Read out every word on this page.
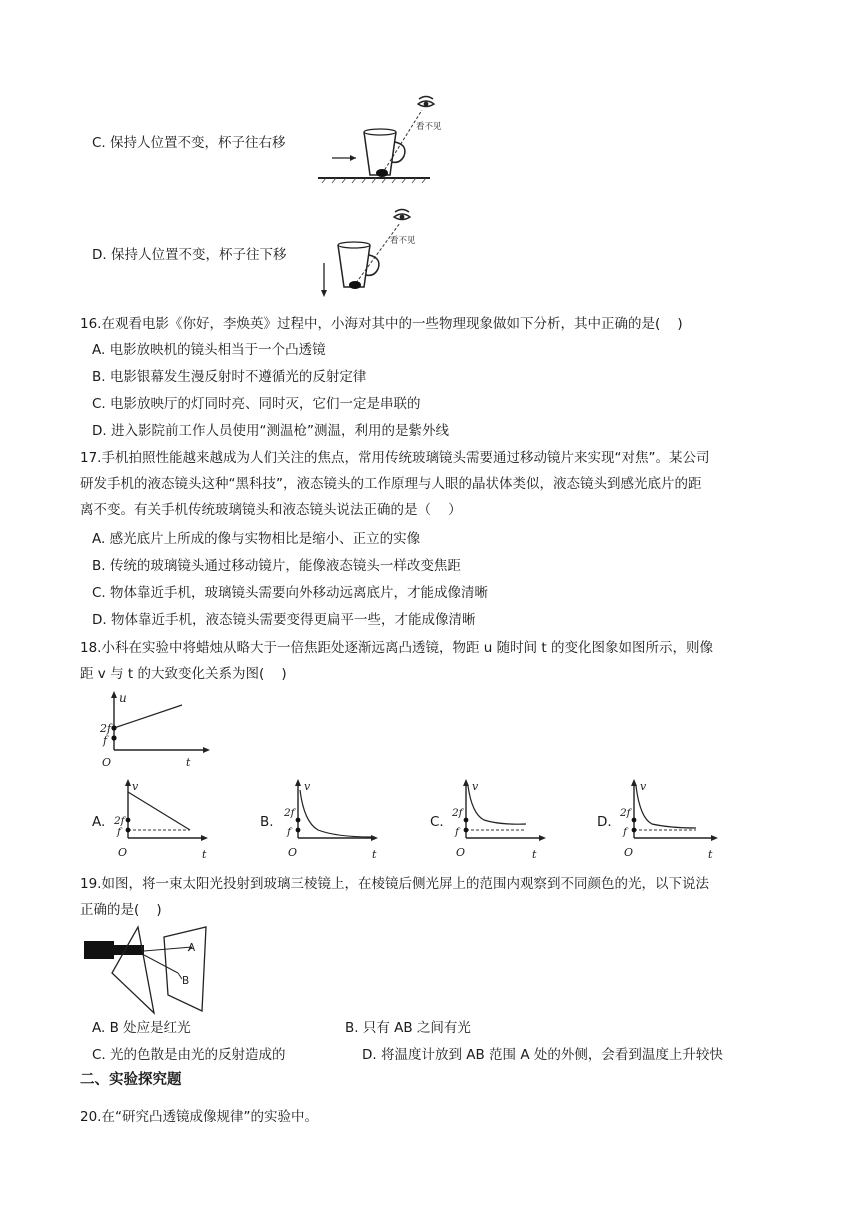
C. 保持人位置不变，杯子往右移
看不见
D. 保持人位置不变，杯子往下移
看不见
16.在观看电影《你好，李焕英》过程中，小海对其中的一些物理现象做如下分析，其中正确的是(    )
A. 电影放映机的镜头相当于一个凸透镜
B. 电影银幕发生漫反射时不遵循光的反射定律
C. 电影放映厅的灯同时亮、同时灭，它们一定是串联的
D. 进入影院前工作人员使用“测温枪”测温，利用的是紫外线
17.手机拍照性能越来越成为人们关注的焦点，常用传统玻璃镜头需要通过移动镜片来实现“对焦”。某公司
研发手机的液态镜头这种“黑科技”，液态镜头的工作原理与人眼的晶状体类似，液态镜头到感光底片的距
离不变。有关手机传统玻璃镜头和液态镜头说法正确的是（    ）
A. 感光底片上所成的像与实物相比是缩小、正立的实像
B. 传统的玻璃镜头通过移动镜片，能像液态镜头一样改变焦距
C. 物体靠近手机，玻璃镜头需要向外移动远离底片，才能成像清晰
D. 物体靠近手机，液态镜头需要变得更扁平一些，才能成像清晰
18.小科在实验中将蜡烛从略大于一倍焦距处逐渐远离凸透镜，物距 u 随时间 t 的变化图象如图所示，则像
距 v 与 t 的大致变化关系为图(    )
u
2f
f
O	t
A.
v
2f
f
O	t
B.
v
2f
f
O	t
C.
v
2f
f
O	t
D.
v
2f
f
O	t
19.如图，将一束太阳光投射到玻璃三棱镜上，在棱镜后侧光屏上的范围内观察到不同颜色的光，以下说法
正确的是(    )
A
B
A. B 处应是红光	B. 只有 AB 之间有光
C. 光的色散是由光的反射造成的	D. 将温度计放到 AB 范围 A 处的外侧，会看到温度上升较快
二、实验探究题
20.在“研究凸透镜成像规律”的实验中。
